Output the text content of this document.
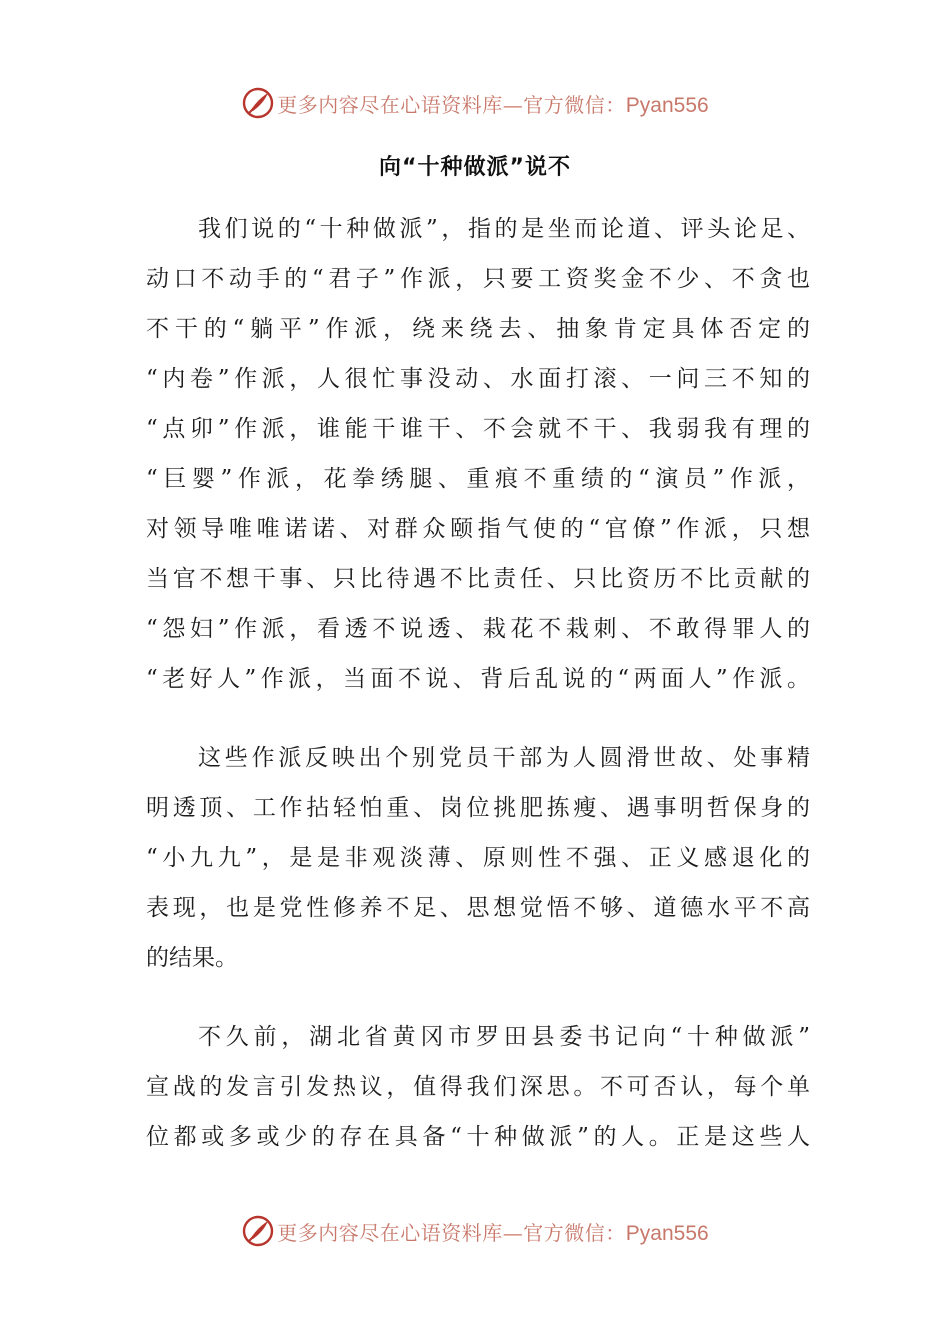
更多内容尽在心语资料库—官方微信：Pyan556
向“十种做派”说不
我们说的“十种做派”，指的是坐而论道、评头论足、
动口不动手的“君子”作派，只要工资奖金不少、不贪也
不干的“躺平”作派，绕来绕去、抽象肯定具体否定的
“内卷”作派，人很忙事没动、水面打滚、一问三不知的
“点卯”作派，谁能干谁干、不会就不干、我弱我有理的
“巨婴”作派，花拳绣腿、重痕不重绩的“演员”作派，
对领导唯唯诺诺、对群众颐指气使的“官僚”作派，只想
当官不想干事、只比待遇不比责任、只比资历不比贡献的
“怨妇”作派，看透不说透、栽花不栽刺、不敢得罪人的
“老好人”作派，当面不说、背后乱说的“两面人”作派。
这些作派反映出个别党员干部为人圆滑世故、处事精
明透顶、工作拈轻怕重、岗位挑肥拣瘦、遇事明哲保身的
“小九九”，是是非观淡薄、原则性不强、正义感退化的
表现，也是党性修养不足、思想觉悟不够、道德水平不高
的结果。
不久前，湖北省黄冈市罗田县委书记向“十种做派”
宣战的发言引发热议，值得我们深思。不可否认，每个单
位都或多或少的存在具备“十种做派”的人。正是这些人
更多内容尽在心语资料库—官方微信：Pyan556
